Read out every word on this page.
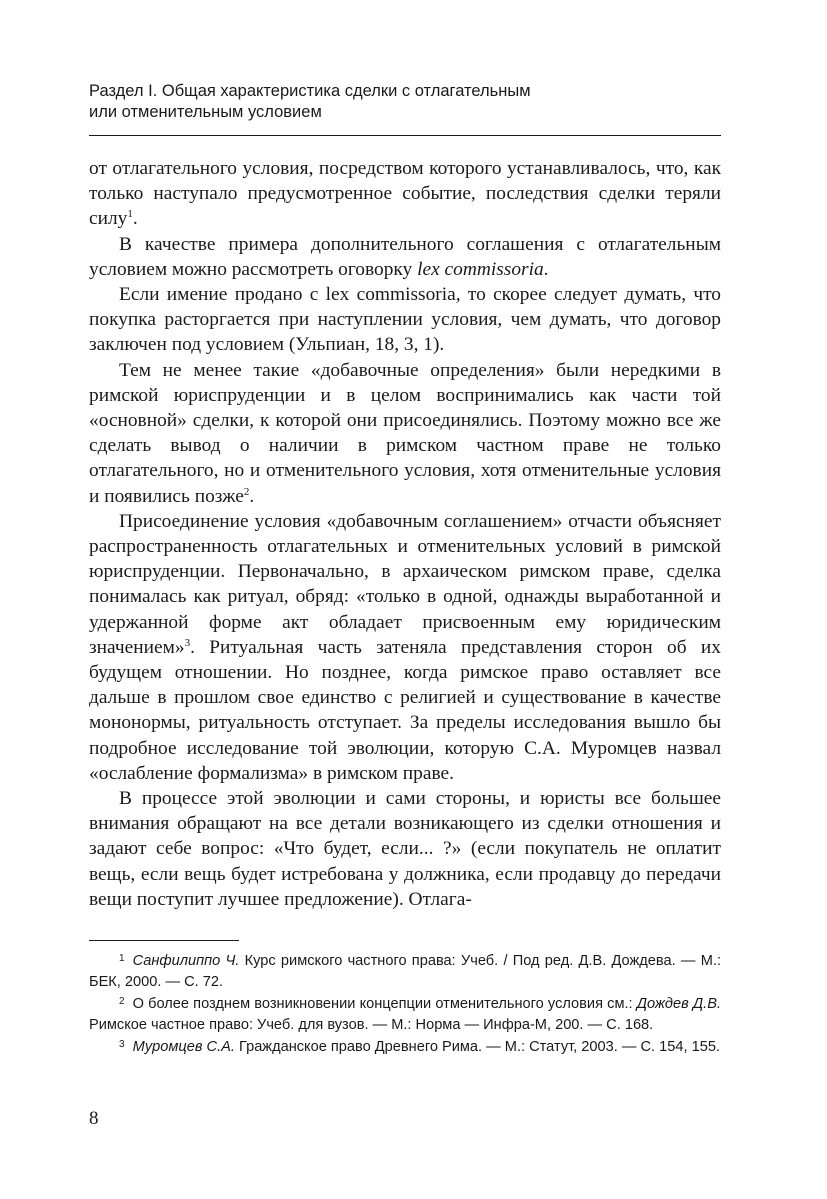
Раздел I. Общая характеристика сделки с отлагательным
или отменительным условием

от отлагательного условия, посредством которого устанавливалось, что, как только наступало предусмотренное событие, последствия сделки теряли силу$^1$.

В качестве примера дополнительного соглашения с отлагательным условием можно рассмотреть оговорку lex commissoria.

Если имение продано с lex commissoria, то скорее следует думать, что покупка расторгается при наступлении условия, чем думать, что договор заключен под условием (Ульпиан, 18, 3, 1).

Тем не менее такие «добавочные определения» были нередкими в римской юриспруденции и в целом воспринимались как части той «основной» сделки, к которой они присоединялись. Поэтому можно все же сделать вывод о наличии в римском частном праве не только отлагательного, но и отменительного условия, хотя отменительные условия и появились позже$^2$.

Присоединение условия «добавочным соглашением» отчасти объясняет распространенность отлагательных и отменительных условий в римской юриспруденции. Первоначально, в архаическом римском праве, сделка понималась как ритуал, обряд: «только в одной, однажды выработанной и удержанной форме акт обладает присвоенным ему юридическим значением»$^3$. Ритуальная часть затеняла представления сторон об их будущем отношении. Но позднее, когда римское право оставляет все дальше в прошлом свое единство с религией и существование в качестве мононормы, ритуальность отступает. За пределы исследования вышло бы подробное исследование той эволюции, которую С.А. Муромцев назвал «ослабление формализма» в римском праве.

В процессе этой эволюции и сами стороны, и юристы все большее внимания обращают на все детали возникающего из сделки отношения и задают себе вопрос: «Что будет, если... ?» (если покупатель не оплатит вещь, если вещь будет истребована у должника, если продавцу до передачи вещи поступит лучшее предложение). Отлага-

$^1$ Санфилиппо Ч. Курс римского частного права: Учеб. / Под ред. Д.В. Дождева. — М.: БЕК, 2000. — С. 72.

$^2$ О более позднем возникновении концепции отменительного условия см.: Дождев Д.В. Римское частное право: Учеб. для вузов. — М.: Норма — Инфра-М, 200. — С. 168.

$^3$ Муромцев С.А. Гражданское право Древнего Рима. — М.: Статут, 2003. — С. 154, 155.

8
